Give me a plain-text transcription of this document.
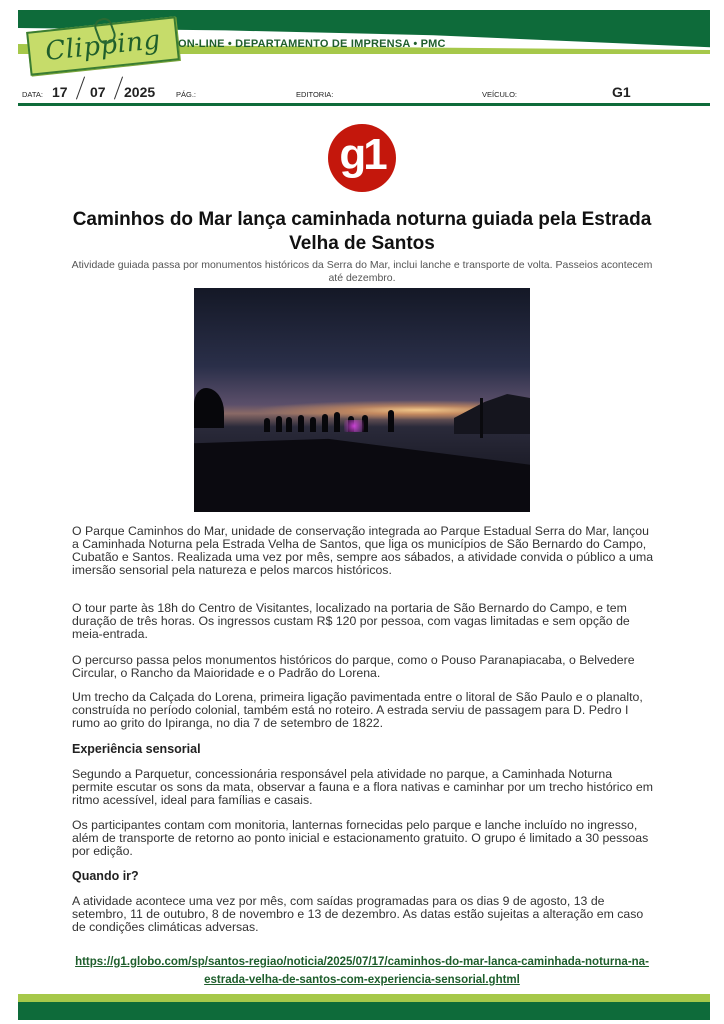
Clipping ON-LINE • DEPARTAMENTO DE IMPRENSA • PMC
DATA: 17 07 2025	PÁG.:	EDITORIA:	VEÍCULO:	G1
g1
Caminhos do Mar lança caminhada noturna guiada pela Estrada Velha de Santos

Atividade guiada passa por monumentos históricos da Serra do Mar, inclui lanche e transporte de volta. Passeios acontecem até dezembro.

O Parque Caminhos do Mar, unidade de conservação integrada ao Parque Estadual Serra do Mar, lançou a Caminhada Noturna pela Estrada Velha de Santos, que liga os municípios de São Bernardo do Campo, Cubatão e Santos. Realizada uma vez por mês, sempre aos sábados, a atividade convida o público a uma imersão sensorial pela natureza e pelos marcos históricos.

O tour parte às 18h do Centro de Visitantes, localizado na portaria de São Bernardo do Campo, e tem duração de três horas. Os ingressos custam R$ 120 por pessoa, com vagas limitadas e sem opção de meia-entrada.

O percurso passa pelos monumentos históricos do parque, como o Pouso Paranapiacaba, o Belvedere Circular, o Rancho da Maioridade e o Padrão do Lorena.

Um trecho da Calçada do Lorena, primeira ligação pavimentada entre o litoral de São Paulo e o planalto, construída no período colonial, também está no roteiro. A estrada serviu de passagem para D. Pedro I rumo ao grito do Ipiranga, no dia 7 de setembro de 1822.

Experiência sensorial

Segundo a Parquetur, concessionária responsável pela atividade no parque, a Caminhada Noturna permite escutar os sons da mata, observar a fauna e a flora nativas e caminhar por um trecho histórico em ritmo acessível, ideal para famílias e casais.

Os participantes contam com monitoria, lanternas fornecidas pelo parque e lanche incluído no ingresso, além de transporte de retorno ao ponto inicial e estacionamento gratuito. O grupo é limitado a 30 pessoas por edição.

Quando ir?

A atividade acontece uma vez por mês, com saídas programadas para os dias 9 de agosto, 13 de setembro, 11 de outubro, 8 de novembro e 13 de dezembro. As datas estão sujeitas a alteração em caso de condições climáticas adversas.

https://g1.globo.com/sp/santos-regiao/noticia/2025/07/17/caminhos-do-mar-lanca-caminhada-noturna-na-estrada-velha-de-santos-com-experiencia-sensorial.ghtml
